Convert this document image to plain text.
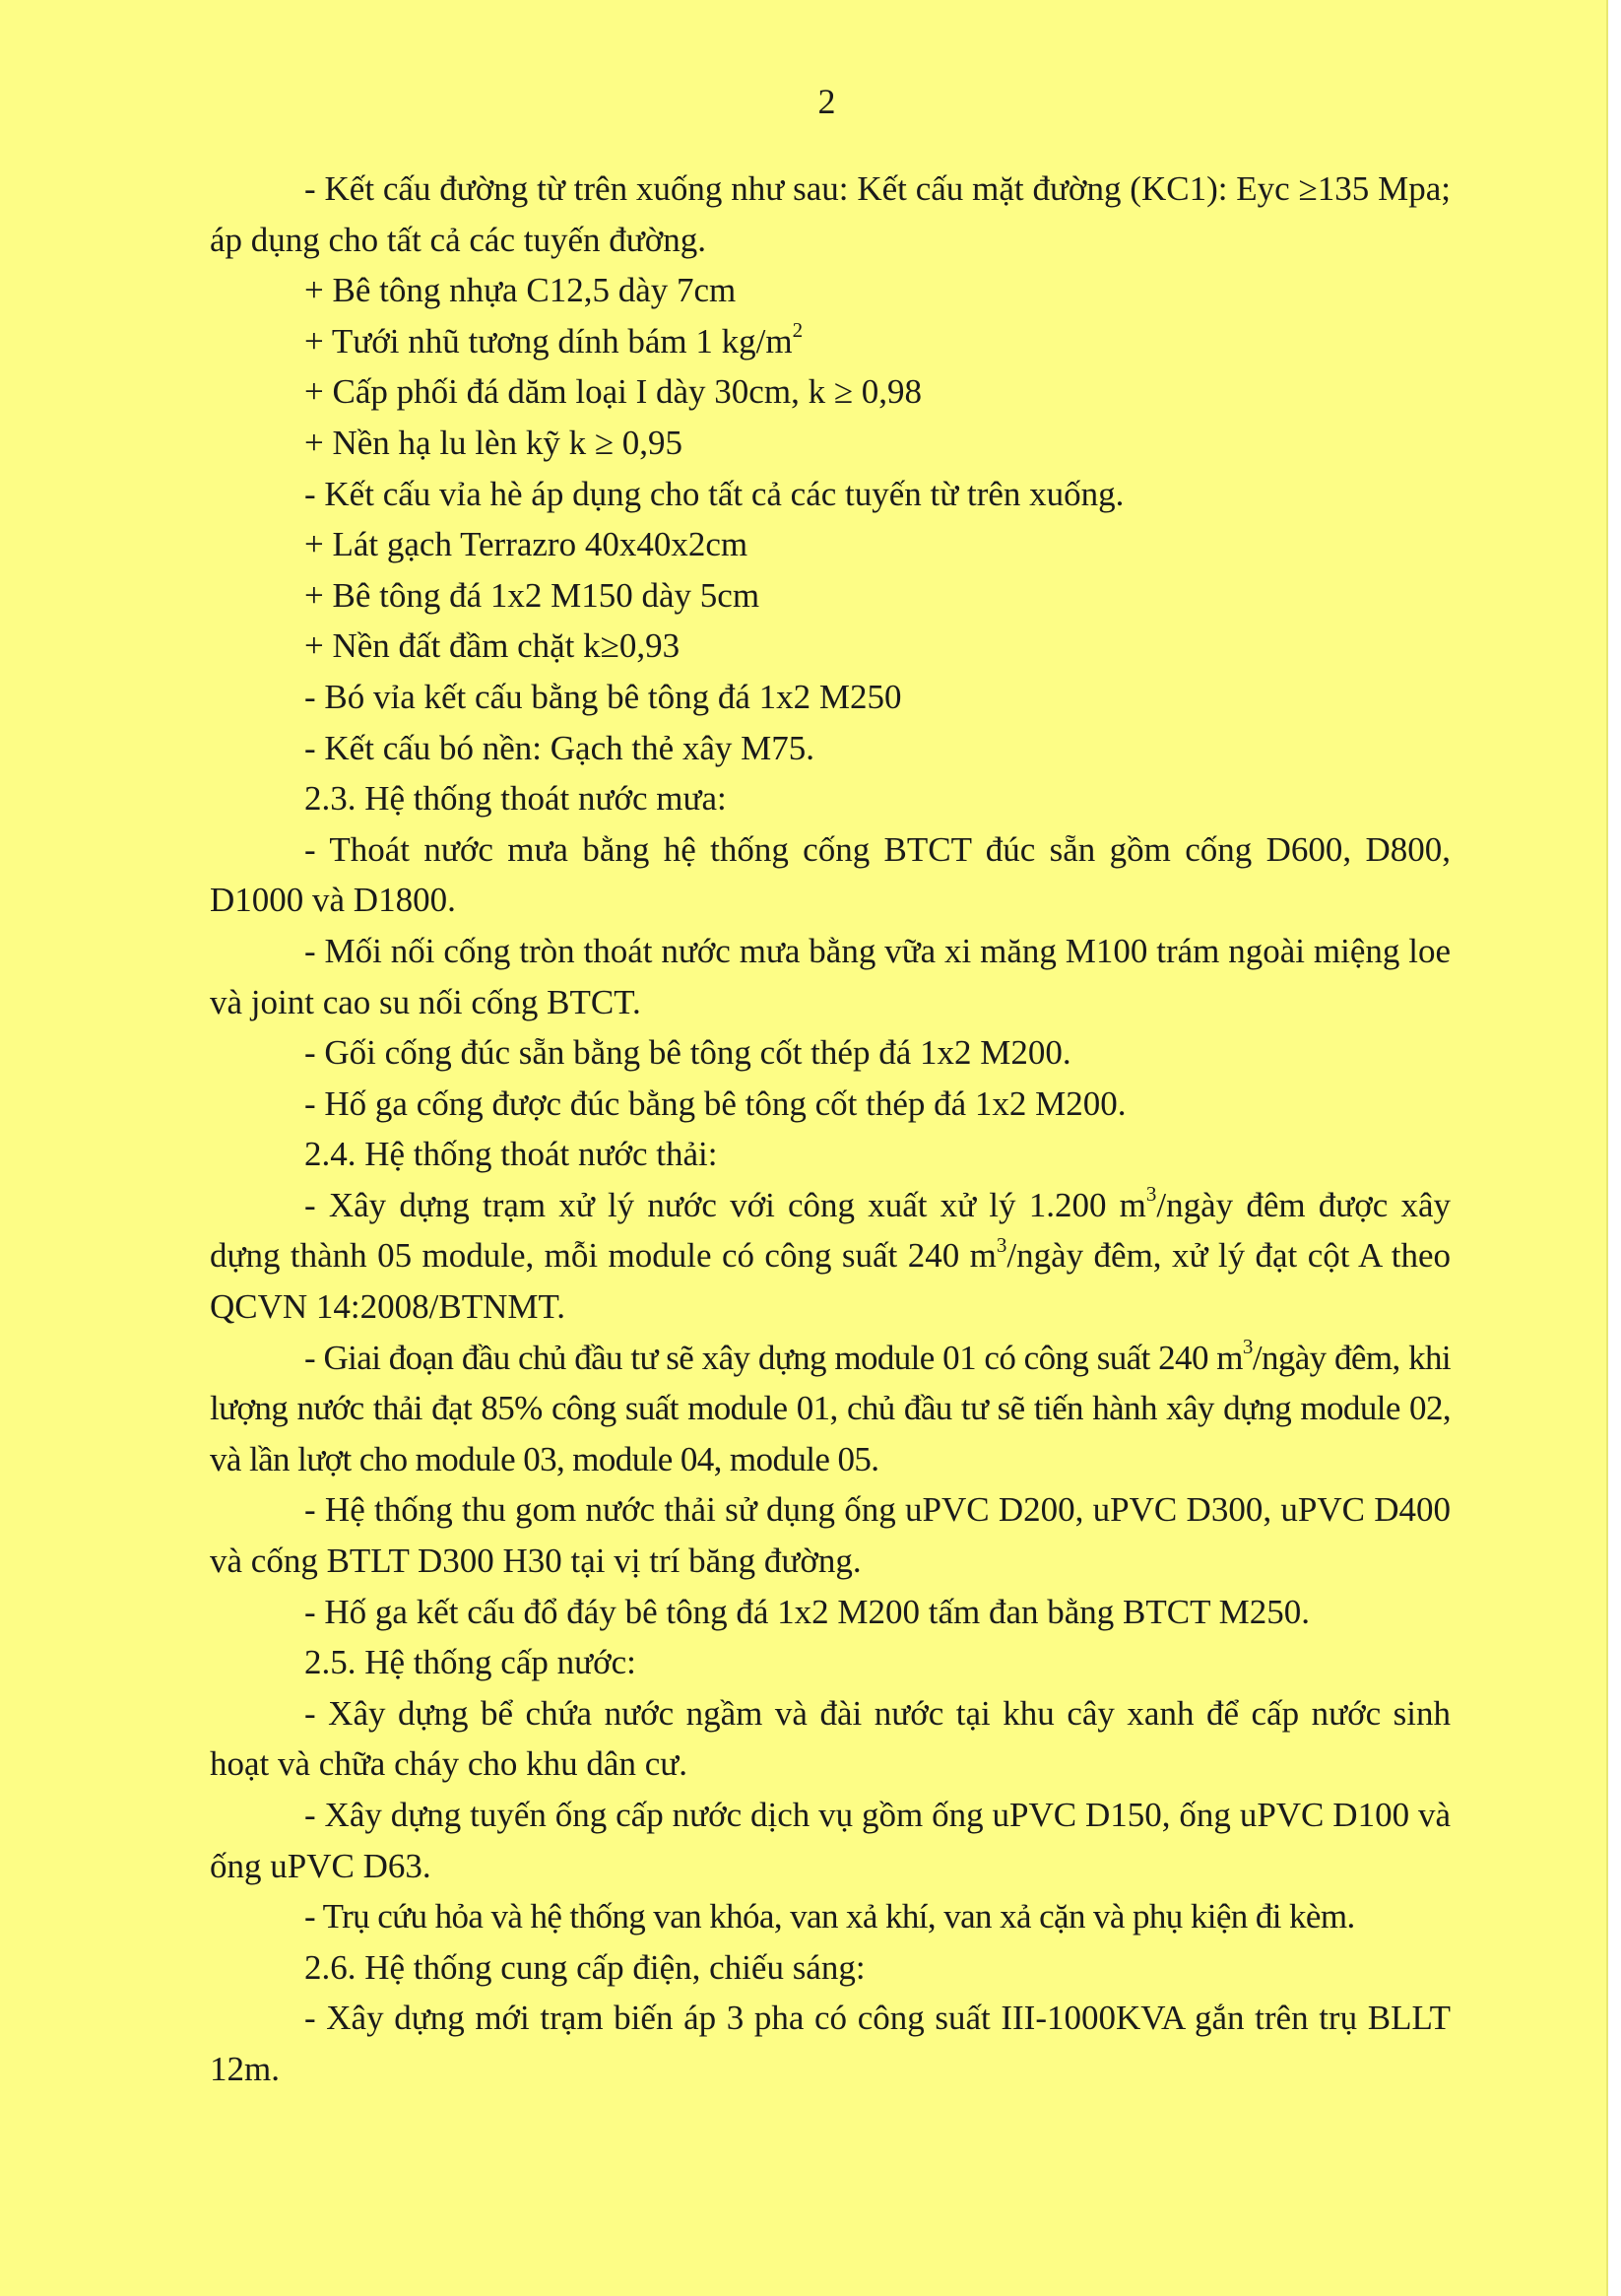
2

- Kết cấu đường từ trên xuống như sau: Kết cấu mặt đường (KC1): Eyc ≥135 Mpa; áp dụng cho tất cả các tuyến đường.

+ Bê tông nhựa C12,5 dày 7cm

+ Tưới nhũ tương dính bám 1 $kg/m^2$

+ Cấp phối đá dăm loại I dày 30cm, k ≥ 0,98

+ Nền hạ lu lèn kỹ k ≥ 0,95

- Kết cấu vỉa hè áp dụng cho tất cả các tuyến từ trên xuống.

+ Lát gạch Terrazro 40x40x2cm

+ Bê tông đá 1x2 M150 dày 5cm

+ Nền đất đầm chặt k≥0,93

- Bó vỉa kết cấu bằng bê tông đá 1x2 M250

- Kết cấu bó nền: Gạch thẻ xây M75.

2.3. Hệ thống thoát nước mưa:

- Thoát nước mưa bằng hệ thống cống BTCT đúc sẵn gồm cống D600, D800, D1000 và D1800.

- Mối nối cống tròn thoát nước mưa bằng vữa xi măng M100 trám ngoài miệng loe và joint cao su nối cống BTCT.

- Gối cống đúc sẵn bằng bê tông cốt thép đá 1x2 M200.

- Hố ga cống được đúc bằng bê tông cốt thép đá 1x2 M200.

2.4. Hệ thống thoát nước thải:

- Xây dựng trạm xử lý nước với công xuất xử lý 1.200 $m^3$/ngày đêm được xây dựng thành 05 module, mỗi module có công suất 240 $m^3$/ngày đêm, xử lý đạt cột A theo QCVN 14:2008/BTNMT.

- Giai đoạn đầu chủ đầu tư sẽ xây dựng module 01 có công suất 240 $m^3$/ngày đêm, khi lượng nước thải đạt 85% công suất module 01, chủ đầu tư sẽ tiến hành xây dựng module 02, và lần lượt cho module 03, module 04, module 05.

- Hệ thống thu gom nước thải sử dụng ống uPVC D200, uPVC D300, uPVC D400 và cống BTLT D300 H30 tại vị trí băng đường.

- Hố ga kết cấu đổ đáy bê tông đá 1x2 M200 tấm đan bằng BTCT M250.

2.5. Hệ thống cấp nước:

- Xây dựng bể chứa nước ngầm và đài nước tại khu cây xanh để cấp nước sinh hoạt và chữa cháy cho khu dân cư.

- Xây dựng tuyến ống cấp nước dịch vụ gồm ống uPVC D150, ống uPVC D100 và ống uPVC D63.

- Trụ cứu hỏa và hệ thống van khóa, van xả khí, van xả cặn và phụ kiện đi kèm.

2.6. Hệ thống cung cấp điện, chiếu sáng:

- Xây dựng mới trạm biến áp 3 pha có công suất III-1000KVA gắn trên trụ BLLT 12m.
